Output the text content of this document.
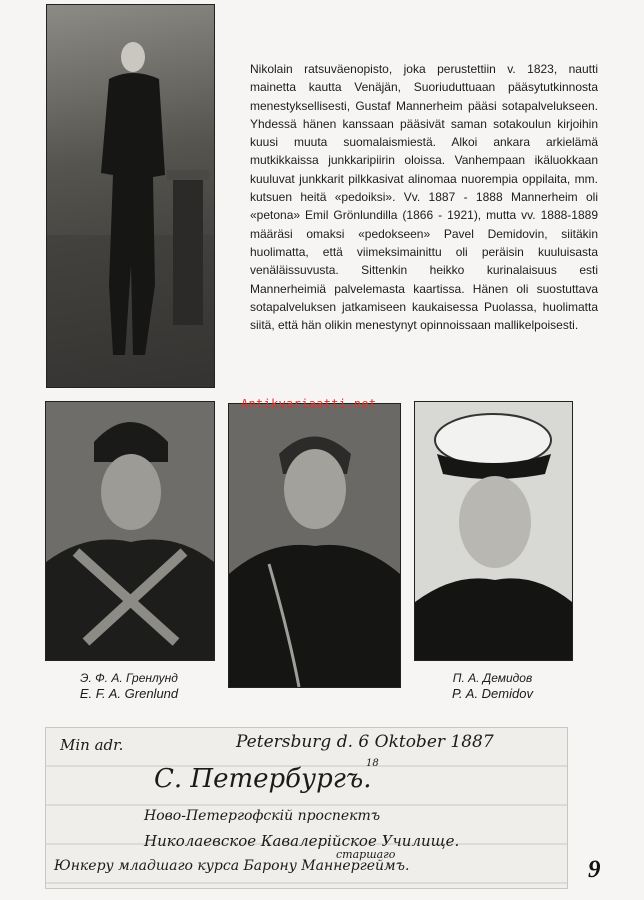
Nikolain ratsuväenopisto, joka perustettiin v. 1823, nautti mainetta kautta Venäjän, Suoriuduttuaan pääsytutkinnosta menestyksellisesti, Gustaf Mannerheim pääsi sotapalvelukseen. Yhdessä hänen kanssaan pääsivät saman sotakoulun kirjoihin kuusi muuta suomalaismiestä. Alkoi ankara arkielämä mutkikkaissa junkkaripiirin oloissa. Vanhempaan ikäluokkaan kuuluvat junkkarit pilkkasivat alinomaa nuorempia oppilaita, mm. kutsuen heitä «pedoiksi». Vv. 1887 - 1888 Mannerheim oli «petona» Emil Grönlundilla (1866 - 1921), mutta vv. 1888-1889 määräsi omaksi «pedokseen» Pavel Demidovin, siitäkin huolimatta, että viimeksimainittu oli peräisin kuuluisasta venäläissuvusta. Sittenkin heikko kurinalaisuus esti Mannerheimiä palvelemasta kaartissa. Hänen oli suostuttava sotapalveluksen jatkamiseen kaukaisessa Puolassa, huolimatta siitä, että hän olikin menestynyt opinnoissaan mallikelpoisesti.
Antikvariaatti.net
Э. Ф. А. Гренлунд
E. F. A. Grenlund
П. А. Демидов
P. A. Demidov
Min adr.	Petersburg d. 6 Oktober 1887
18
С. Петербургъ.
Ново-Петергофскій проспектъ
Николаевское Кавалерійское Училище.
старшаго
Юнкеру младшаго курса Барону Маннергеймъ.	9
